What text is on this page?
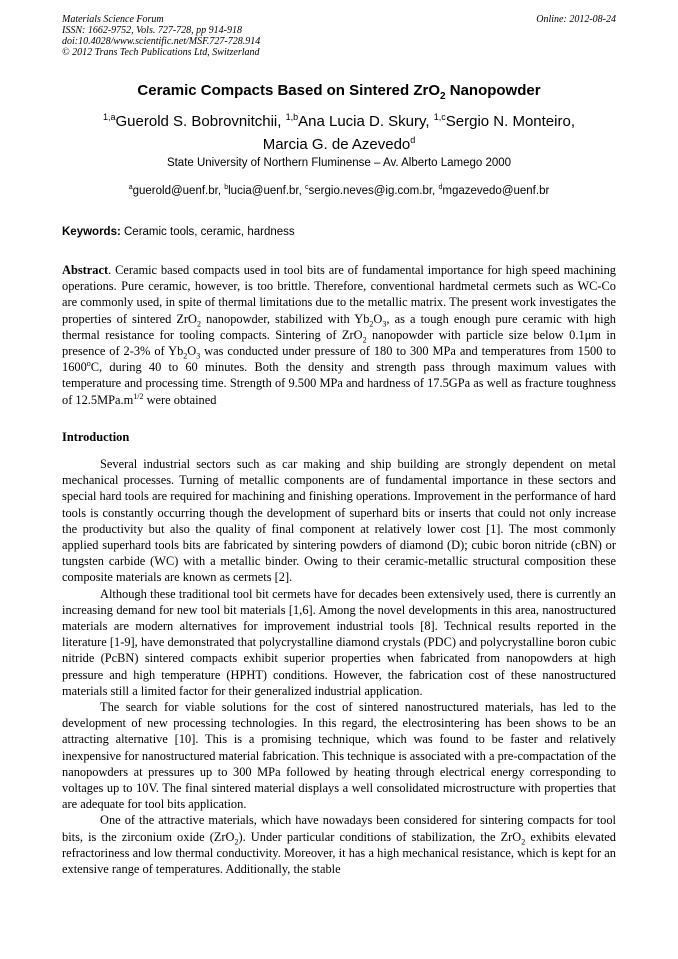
Materials Science Forum
ISSN: 1662-9752, Vols. 727-728, pp 914-918
doi:10.4028/www.scientific.net/MSF.727-728.914
© 2012 Trans Tech Publications Ltd, Switzerland
Online: 2012-08-24
Ceramic Compacts Based on Sintered ZrO$_2$ Nanopowder
$^{1,a}$Guerold S. Bobrovnitchii, $^{1,b}$Ana Lucia D. Skury, $^{1,c}$Sergio N. Monteiro,
Marcia G. de Azevedo$^d$
State University of Northern Fluminense – Av. Alberto Lamego 2000
$^a$guerold@uenf.br, $^b$lucia@uenf.br, $^c$sergio.neves@ig.com.br, $^d$mgazevedo@uenf.br
Keywords: Ceramic tools, ceramic, hardness
Abstract. Ceramic based compacts used in tool bits are of fundamental importance for high speed machining operations. Pure ceramic, however, is too brittle. Therefore, conventional hardmetal cermets such as WC-Co are commonly used, in spite of thermal limitations due to the metallic matrix. The present work investigates the properties of sintered ZrO$_2$ nanopowder, stabilized with $Yb_2O_3$, as a tough enough pure ceramic with high thermal resistance for tooling compacts. Sintering of ZrO$_2$ nanopowder with particle size below 0.1μm in presence of 2-3% of $Yb_2O_3$ was conducted under pressure of 180 to 300 MPa and temperatures from 1500 to 1600$^o$C, during 40 to 60 minutes. Both the density and strength pass through maximum values with temperature and processing time. Strength of 9.500 MPa and hardness of 17.5GPa as well as fracture toughness of $12.5MPa.m^{1/2}$ were obtained
Introduction

Several industrial sectors such as car making and ship building are strongly dependent on metal mechanical processes. Turning of metallic components are of fundamental importance in these sectors and special hard tools are required for machining and finishing operations. Improvement in the performance of hard tools is constantly occurring though the development of superhard bits or inserts that could not only increase the productivity but also the quality of final component at relatively lower cost [1]. The most commonly applied superhard tools bits are fabricated by sintering powders of diamond (D); cubic boron nitride (cBN) or tungsten carbide (WC) with a metallic binder. Owing to their ceramic-metallic structural composition these composite materials are known as cermets [2].

Although these traditional tool bit cermets have for decades been extensively used, there is currently an increasing demand for new tool bit materials [1,6]. Among the novel developments in this area, nanostructured materials are modern alternatives for improvement industrial tools [8]. Technical results reported in the literature [1-9], have demonstrated that polycrystalline diamond crystals (PDC) and polycrystalline boron cubic nitride (PcBN) sintered compacts exhibit superior properties when fabricated from nanopowders at high pressure and high temperature (HPHT) conditions. However, the fabrication cost of these nanostructured materials still a limited factor for their generalized industrial application.

The search for viable solutions for the cost of sintered nanostructured materials, has led to the development of new processing technologies. In this regard, the electrosintering has been shows to be an attracting alternative [10]. This is a promising technique, which was found to be faster and relatively inexpensive for nanostructured material fabrication. This technique is associated with a pre-compactation of the nanopowders at pressures up to 300 MPa followed by heating through electrical energy corresponding to voltages up to 10V. The final sintered material displays a well consolidated microstructure with properties that are adequate for tool bits application.

One of the attractive materials, which have nowadays been considered for sintering compacts for tool bits, is the zirconium oxide (ZrO$_2$). Under particular conditions of stabilization, the ZrO$_2$ exhibits elevated refractoriness and low thermal conductivity. Moreover, it has a high mechanical resistance, which is kept for an extensive range of temperatures. Additionally, the stable
